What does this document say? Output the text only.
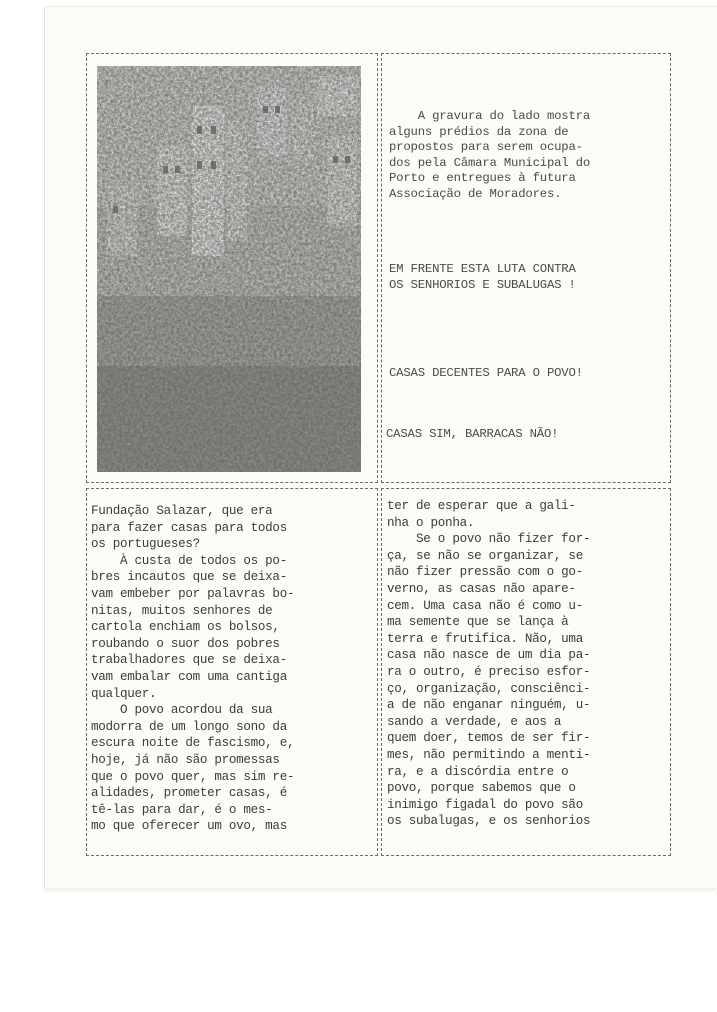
A gravura do lado mostra
alguns prédios da zona de
propostos para serem ocupa-
dos pela Câmara Municipal do
Porto e entregues à futura
Associação de Moradores.
EM FRENTE ESTA LUTA CONTRA
OS SENHORIOS E SUBALUGAS !
CASAS DECENTES PARA O POVO!
CASAS SIM, BARRACAS NÃO!
Fundação Salazar, que era
para fazer casas para todos
os portugueses?
À custa de todos os po-
bres incautos que se deixa-
vam embeber por palavras bo-
nitas, muitos senhores de
cartola enchiam os bolsos,
roubando o suor dos pobres
trabalhadores que se deixa-
vam embalar com uma cantiga
qualquer.
O povo acordou da sua
modorra de um longo sono da
escura noite de fascismo, e,
hoje, já não são promessas
que o povo quer, mas sim re-
alidades, prometer casas, é
tê-las para dar, é o mes-
mo que oferecer um ovo, mas
ter de esperar que a gali-
nha o ponha.
Se o povo não fizer for-
ça, se não se organizar, se
não fizer pressão com o go-
verno, as casas não apare-
cem. Uma casa não é como u-
ma semente que se lança à
terra e frutifica. Não, uma
casa não nasce de um dia pa-
ra o outro, é preciso esfor-
ço, organização, consciênci-
a de não enganar ninguém, u-
sando a verdade, e aos a
quem doer, temos de ser fir-
mes, não permitindo a menti-
ra, e a discórdia entre o
povo, porque sabemos que o
inimigo figadal do povo são
os subalugas, e os senhorios
